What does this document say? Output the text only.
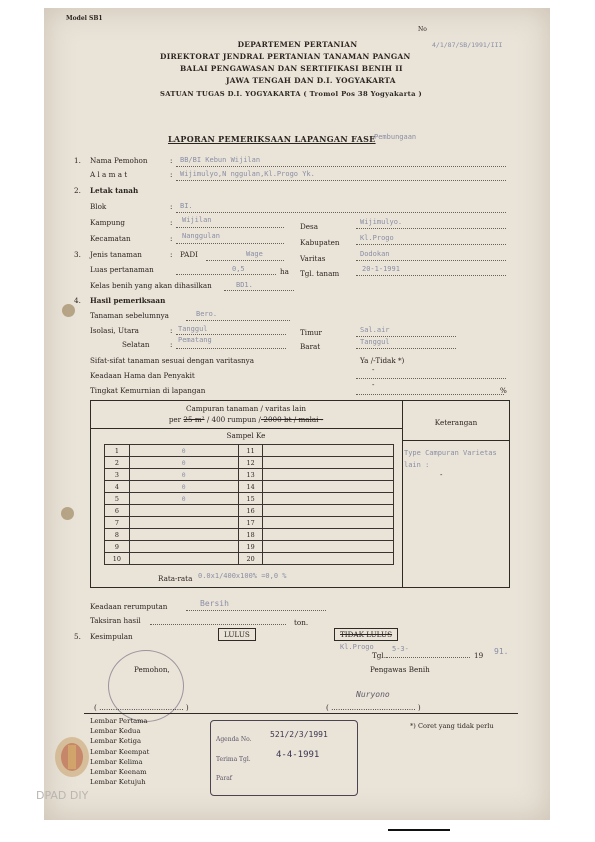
Model SB1
No
4/1/87/SB/1991/III
DEPARTEMEN PERTANIAN
DIREKTORAT JENDRAL PERTANIAN TANAMAN PANGAN
BALAI PENGAWASAN DAN SERTIFIKASI BENIH II
JAWA TENGAH DAN D.I. YOGYAKARTA
SATUAN TUGAS D.I. YOGYAKARTA ( Tromol Pos 38 Yogyakarta )
LAPORAN PEMERIKSAAN LAPANGAN FASE
Pembungaan
1. Nama Pemohon	: BB/BI Kebun Wijilan
A l a m a t	: Wijimulyo,N nggulan,Kl.Progo Yk.
2. Letak tanah
Blok	: BI.
Kampung	: Wijilan
Desa	Wijimulyo.
Kecamatan	: Nanggulan
Kabupaten	Kl.Progo
3. Jenis tanaman	: PADI	Wage	Varitas	Dodokan
Luas pertanaman	0,5	ha Tgl. tanam	20-1-1991
Kelas benih yang akan dihasilkan	BD1.
4. Hasil pemeriksaan
Tanaman sebelumnya	Bero.
Isolasi, Utara	: Tanggul	Timur	Sal.air
Selatan	: Pematang
Barat	Tanggul
Sifat-sifat tanaman sesuai dengan varitasnya	Ya /-Tidak *)
Keadaan Hama dan Penyakit
-
Tingkat Kemurnian di lapangan
-
%
Campuran tanaman / varitas lain
per 25 m² / 400 rumpun /-2000 bt / malai -
Sampel Ke
Keterangan
Type Campuran Varietas lain :
-
1	0	11	
2	0	12	
3	0	13	
4	0	14	
5	0	15	
6		16	
7		17	
8		18	
9		19	
10		20	
Rata-rata 0.0x1/400x100% =0,0 %
Keadaan rerumputan	Bersih
Taksiran hasil	ton.
5. Kesimpulan	LULUS	TIDAK LULUS
Kl.Progo
Tgl.
5-3-
19 91.
Pemohon,	Pengawas Benih
Nuryono
( ..................................... )	( ..................................... )
Lembar Pertama
Lembar Kedua
Lembar Ketiga
Lembar Keempat
Lembar Kelima
Lembar Keenam
Lembar Ketujuh
*) Coret yang tidak perlu
Agenda No.
521/2/3/1991
Terima Tgl.	4-4-1991
Paraf
DPAD DIY
